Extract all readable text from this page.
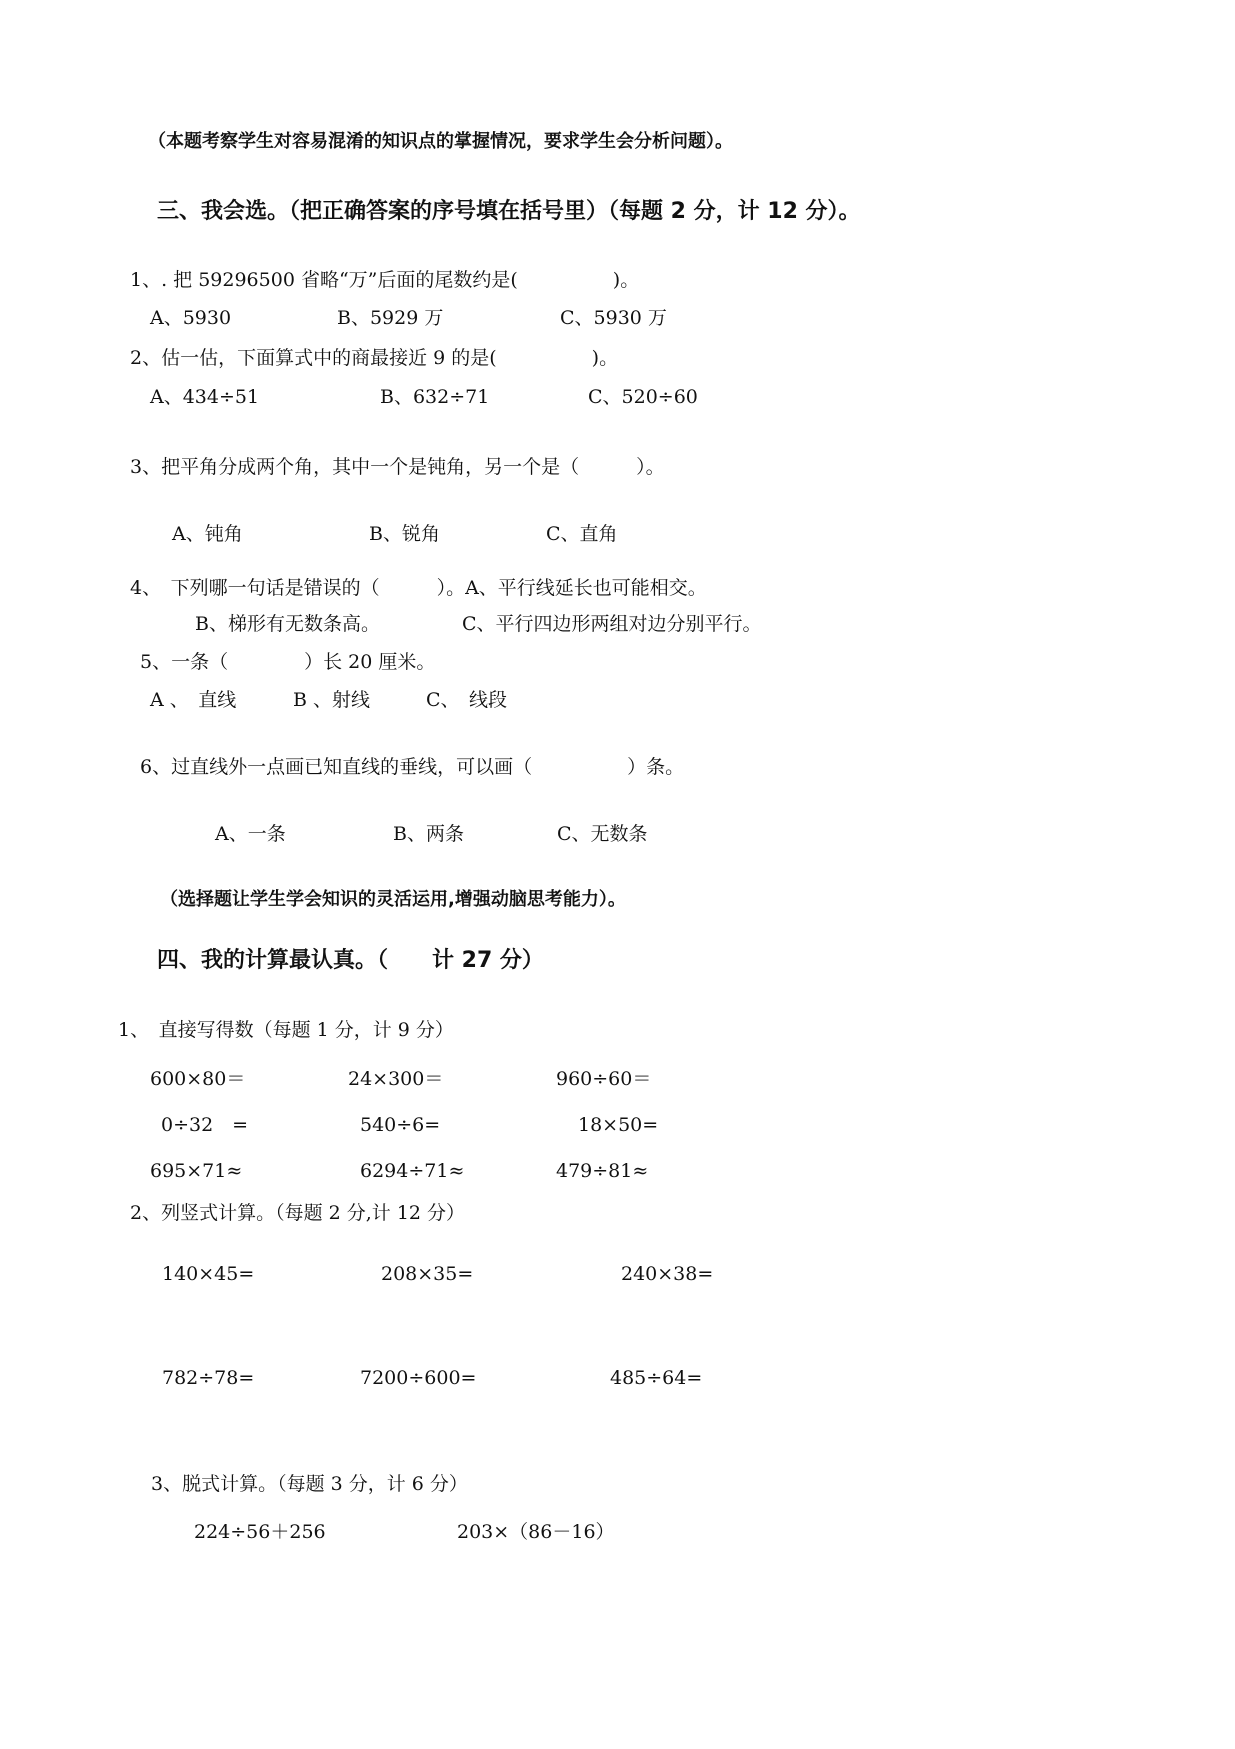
（本题考察学生对容易混淆的知识点的掌握情况，要求学生会分析问题）。
三、我会选。（把正确答案的序号填在括号里）（每题 2 分，计 12 分）。
1、. 把 59296500 省略“万”后面的尾数约是(　　　　　)。
A、5930	B、5929 万	C、5930 万
2、估一估，下面算式中的商最接近 9 的是(　　　　　)。
A、434÷51	B、632÷71	C、520÷60
3、把平角分成两个角，其中一个是钝角，另一个是（　　　）。
A、钝角	B、锐角	C、直角
4、　下列哪一句话是错误的（　　　）。A、平行线延长也可能相交。
B、梯形有无数条高。	C、平行四边形两组对边分别平行。
5、一条（　　　　）长 20 厘米。
A 、　直线	B 、射线	C、　线段
6、过直线外一点画已知直线的垂线，可以画（　　　　　）条。
A、一条	B、两条	C、无数条
（选择题让学生学会知识的灵活运用,增强动脑思考能力）。
四、我的计算最认真。（　　计 27 分）
1、　直接写得数（每题 1 分，计 9 分）
600×80＝	24×300＝	960÷60＝
0÷32　=	540÷6=	18×50=
695×71≈	6294÷71≈	479÷81≈
2、列竖式计算。（每题 2 分,计 12 分）
140×45=	208×35=	240×38=
782÷78=	7200÷600=	485÷64=
3、脱式计算。（每题 3 分，计 6 分）
224÷56＋256	203×（86－16）
